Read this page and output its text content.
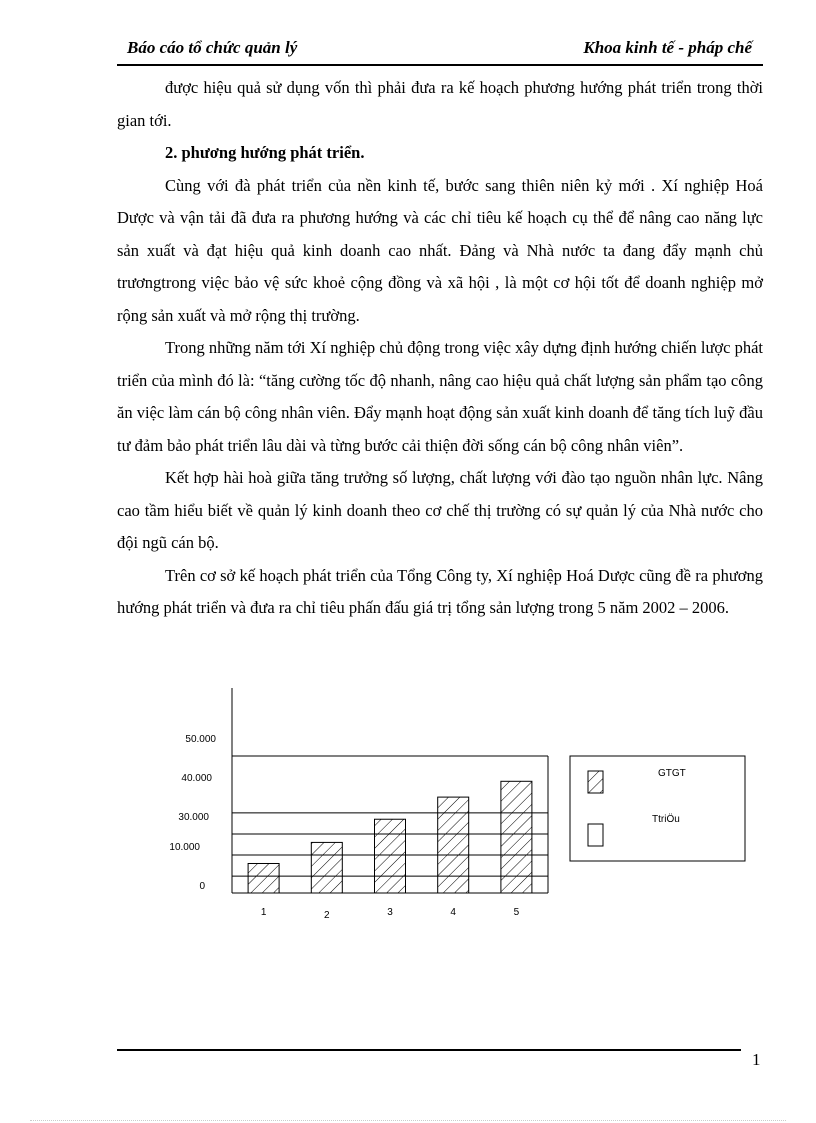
Báo cáo tổ chức quản lý	Khoa kinh tế - pháp chế

được hiệu quả sử dụng vốn thì phải đưa ra kế hoạch phương hướng phát triển trong thời gian tới.

2. phương hướng phát triển.

Cùng với đà phát triển của nền kinh tế, bước sang thiên niên kỷ mới . Xí nghiệp Hoá Dược và vận tải đã đưa ra phương hướng và các chỉ tiêu kế hoạch cụ thể để nâng cao năng lực sản xuất và đạt hiệu quả kinh doanh cao nhất. Đảng và Nhà nước ta đang đẩy mạnh chủ trươngtrong việc bảo vệ sức khoẻ cộng đồng và xã hội , là một cơ hội tốt để doanh nghiệp mở rộng sản xuất và mở rộng thị trường.

Trong những năm tới Xí nghiệp chủ động trong việc xây dựng định hướng chiến lược phát triển của mình đó là: “tăng cường tốc độ nhanh, nâng cao hiệu quả chất lượng sản phẩm tạo công ăn việc làm cán bộ công nhân viên. Đẩy mạnh hoạt động sản xuất kinh doanh để tăng tích luỹ đầu tư đảm bảo phát triển lâu dài và từng bước cải thiện đời sống cán bộ công nhân viên”.

Kết hợp hài hoà giữa tăng trưởng số lượng, chất lượng với đào tạo nguồn nhân lực. Nâng cao tầm hiểu biết về quản lý kinh doanh theo cơ chế thị trường có sự quản lý của Nhà nước cho đội ngũ cán bộ.

Trên cơ sở kế hoạch phát triển của Tổng Công ty, Xí nghiệp Hoá Dược cũng đề ra phương hướng phát triển và đưa ra chỉ tiêu phấn đấu giá trị tổng sản lượng trong 5 năm 2002 – 2006.

0
10.000
30.000
40.000
50.000
1	2	3	4	5
GTGT
TtriÖu
1
